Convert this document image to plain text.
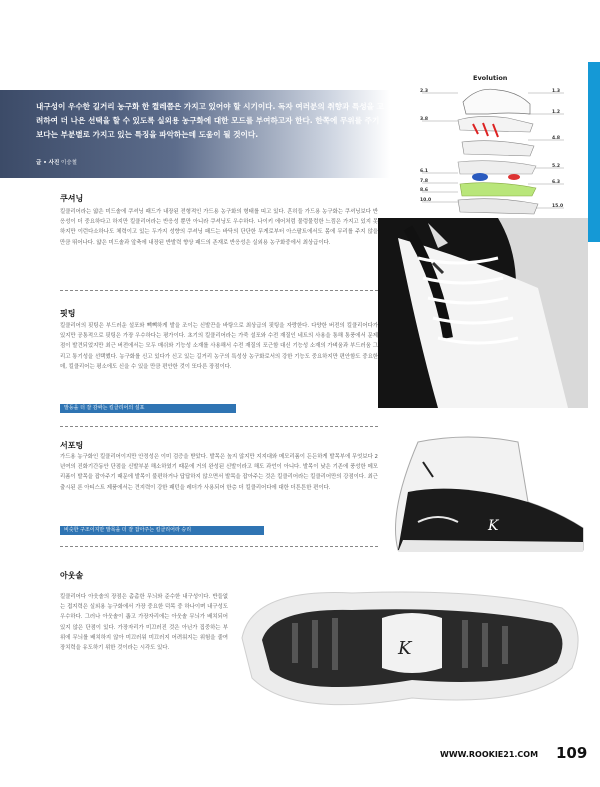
내구성이 우수한 길거리 농구화 한 켤레쯤은 가지고 있어야 할 시기이다. 독자 여러분의 취향과 특성을 고려하여 더 나은 선택을 할 수 있도록 실외용 농구화에 대한 모드를 부여하고자 한다. 한쪽에 무위를 주기 보다는 부분별로 가지고 있는 특징을 파악하는데 도움이 될 것이다.
글 • 사진 이승철
Evolution
2.3
3.8
6.1
7.8
8.6
10.0
1.3
1.2
4.8
5.2
6.3
15.0
쿠셔닝
킬클리어라는 얇은 미드솔에 쿠셔닝 패드가 내장된 전형적인 가드용 농구화의 형태를 띠고 있다. 흔히들 가드용 농구화는 쿠셔닝보다 반응성이 더 중요하다고 하지만 킬클리어라는 반응성 뿐만 아니라 쿠셔닝도 우수하다. 나이키 에어처럼 물렁물렁한 느낌은 가지고 있지 못하지만 이런다소하나도 체력이고 있는 두가지 성향의 쿠셔닝 패드는 바닥의 단단한 무게로부터 아스팔트에서도 몸에 무리를 주지 않을 만큼 뛰어나다. 얇은 미드솔과 앞축에 내장된 반발력 향상 패드의 존재로 반응성은 실외용 농구화중에서 최상급이다.
핏팅
킬클리어의 핏팅은 부드러운 설포와 빽빽하게 발을 조이는 신발끈을 바탕으로 최상급의 핏팅을 자랑한다. 다양한 버전의 킬클리어다가 있지만 공통적으로 핏팅은 가장 우수하다는 평가이다. 초기의 킬클리어라는 가죽 설포와 수전 재질인 네트의 사용을 통해 통풍에서 문제점이 발견되었지만 최근 버전에서는 모두 매쉬와 기능성 소재를 사용해서 수전 재질의 포근함 대신 기능성 소재의 가벼움과 부드러움 그리고 통기성을 선택했다. 농구화를 신고 있다가 신고 있는 길거리 농구의 특성상 농구화로서의 강한 기능도 중요하지만 편안함도 중요한데, 킬클리어는 평소에도 신을 수 있을 만큼 편안한 것이 또다른 장점이다.
발등을 더 잘 감싸는 킬클리어의 설포
서포팅
가드용 농구화인 킬클리어이지만 안정성은 이미 검증을 받았다. 발목은 높지 않지만 지지대와 메모리폼이 든든하게 발목부에 무엇보다 2년여의 진화기간동안 단점을 신발부분 해소하였기 때문에 거의 완성된 신발이라고 해도 과언이 아니다. 발목이 낮은 기존에 풍성한 메모리폼이 발목을 잡아주기 때문에 발목이 불편하거나 답답하지 않으면서 발목을 잡아주는 것은 킬클리어라는 킬클리어만의 강점이다. 최근 출시된 론 아티스트 제품에서는 견지력이 강한 패턴을 레더가 사용되어 한층 더 킬클리어다에 대한 더튼튼한 편이다.
비슷한 구조이지만 발목을 더 잘 잡아주는 킬클리어라 승리
아웃솔
킬클리어다 아웃솔의 장점은 촘촘한 무늬와 준수한 내구성이다. 반들없는 접지력은 실외용 농구화에서 가장 중요한 덕목 중 하나이며 내구성도 우수하다. 그러나 아웃솔이 좁고 가장자리에는 아웃솔 무늬가 배치되어 있지 않은 단점이 있다. 가장자리가 미끄러진 것은 아닌가 집중하는 부위에 무늬를 배치하지 않아 미끄러워 미끄러지 어려워지는 위험을 줄여 장치력을 유도하기 위한 것이라는 시각도 있다.
K
K
WWW.ROOKIE21.COM 109
